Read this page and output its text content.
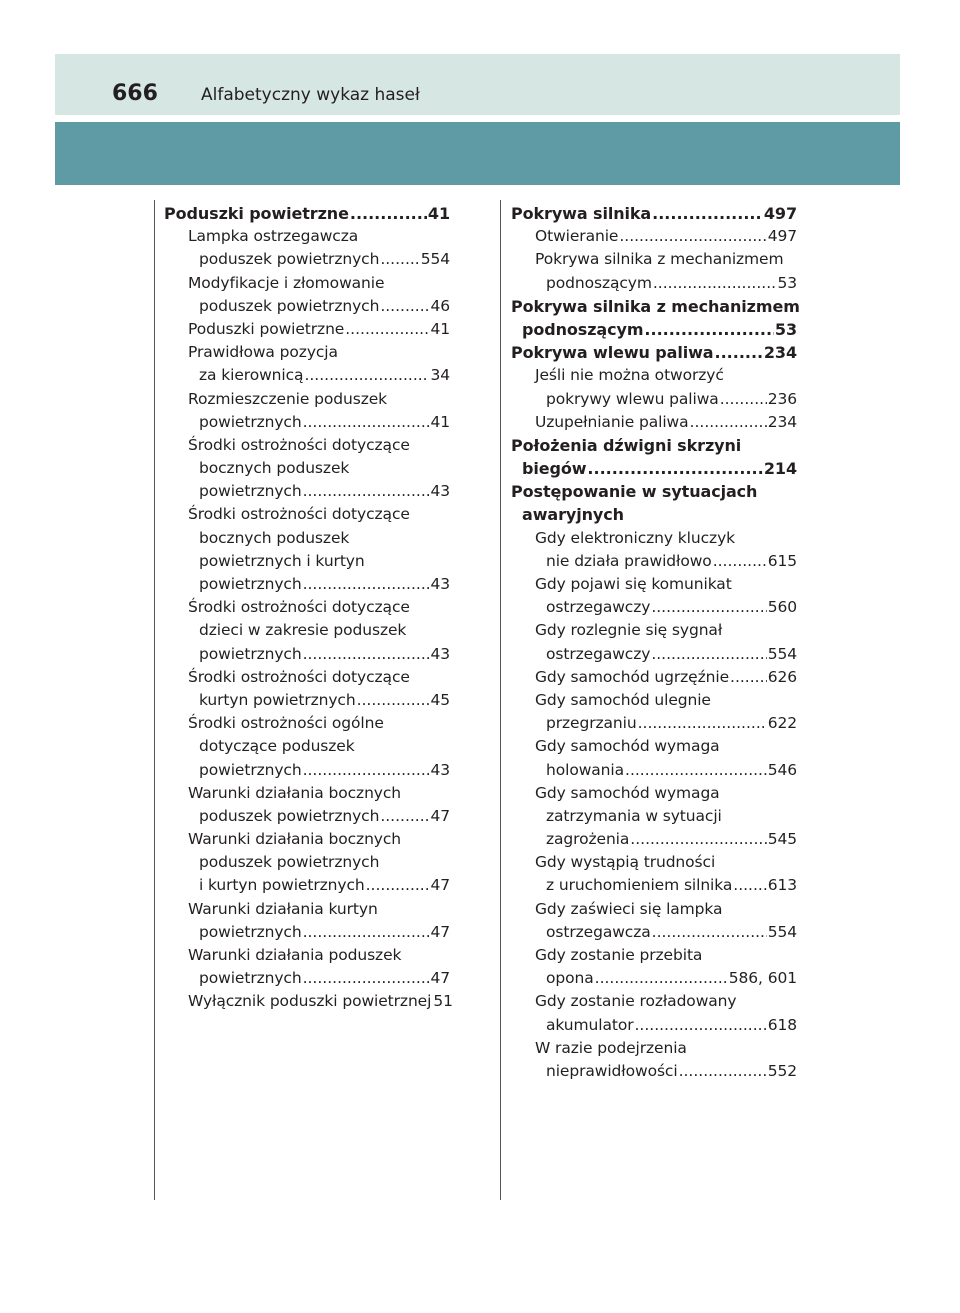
666	Alfabetyczny wykaz haseł
Poduszki powietrzne .....	41
Lampka ostrzegawcza
poduszek powietrznych .....	554
Modyfikacje i złomowanie
poduszek powietrznych .....	46
Poduszki powietrzne .....	41
Prawidłowa pozycja
za kierownicą .....	34
Rozmieszczenie poduszek
powietrznych .....	41
Środki ostrożności dotyczące
bocznych poduszek
powietrznych .....	43
Środki ostrożności dotyczące
bocznych poduszek
powietrznych i kurtyn
powietrznych .....	43
Środki ostrożności dotyczące
dzieci w zakresie poduszek
powietrznych .....	43
Środki ostrożności dotyczące
kurtyn powietrznych .....	45
Środki ostrożności ogólne
dotyczące poduszek
powietrznych .....	43
Warunki działania bocznych
poduszek powietrznych .....	47
Warunki działania bocznych
poduszek powietrznych
i kurtyn powietrznych .....	47
Warunki działania kurtyn
powietrznych .....	47
Warunki działania poduszek
powietrznych .....	47
Wyłącznik poduszki powietrznej 51
Pokrywa silnika .....	497
Otwieranie .....	497
Pokrywa silnika z mechanizmem
podnoszącym .....	53
Pokrywa silnika z mechanizmem
podnoszącym .....	53
Pokrywa wlewu paliwa .....	234
Jeśli nie można otworzyć
pokrywy wlewu paliwa .....	236
Uzupełnianie paliwa .....	234
Położenia dźwigni skrzyni
biegów .....	214
Postępowanie w sytuacjach
awaryjnych
Gdy elektroniczny kluczyk
nie działa prawidłowo .....	615
Gdy pojawi się komunikat
ostrzegawczy .....	560
Gdy rozlegnie się sygnał
ostrzegawczy .....	554
Gdy samochód ugrzęźnie ..... 626
Gdy samochód ulegnie
przegrzaniu .....	622
Gdy samochód wymaga
holowania .....	546
Gdy samochód wymaga
zatrzymania w sytuacji
zagrożenia .....	545
Gdy wystąpią trudności
z uruchomieniem silnika ..... 613
Gdy zaświeci się lampka
ostrzegawcza .....	554
Gdy zostanie przebita
opona .....	586, 601
Gdy zostanie rozładowany
akumulator .....	618
W razie podejrzenia
nieprawidłowości .....	552
